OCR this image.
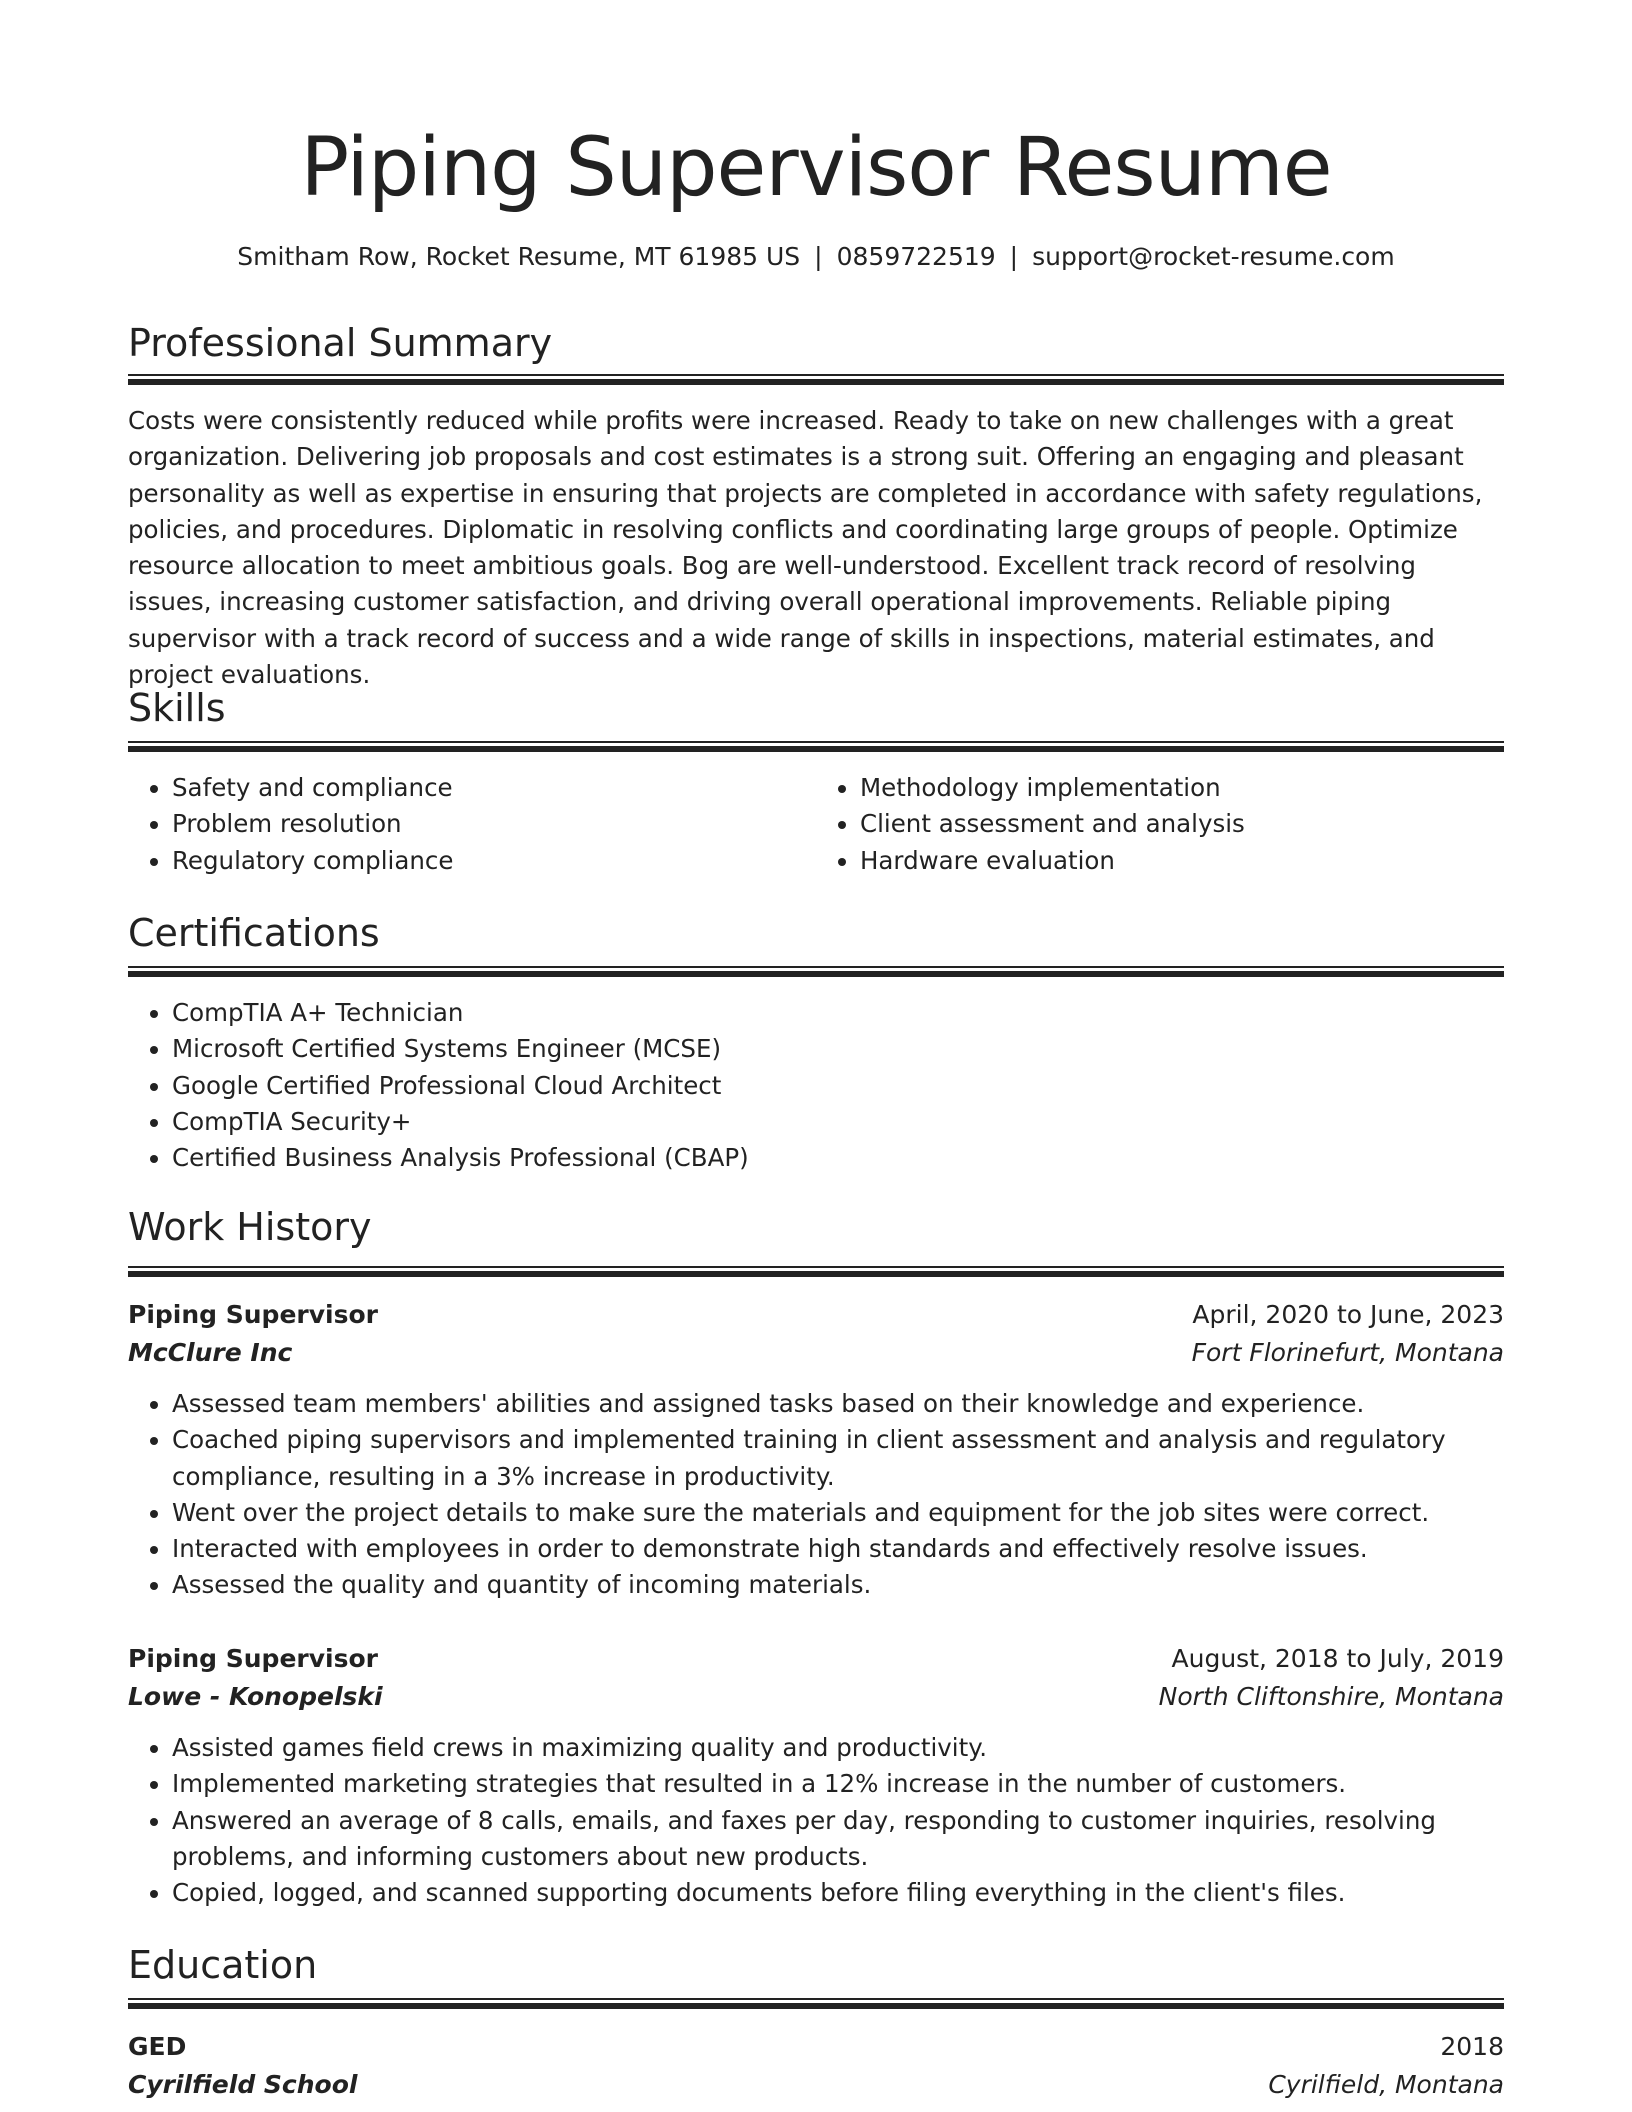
Piping Supervisor Resume
Smitham Row, Rocket Resume, MT 61985 US | 0859722519 | support@rocket-resume.com
Professional Summary

Costs were consistently reduced while profits were increased. Ready to take on new challenges with a great organization. Delivering job proposals and cost estimates is a strong suit. Offering an engaging and pleasant personality as well as expertise in ensuring that projects are completed in accordance with safety regulations, policies, and procedures. Diplomatic in resolving conflicts and coordinating large groups of people. Optimize resource allocation to meet ambitious goals. Bog are well-understood. Excellent track record of resolving issues, increasing customer satisfaction, and driving overall operational improvements. Reliable piping supervisor with a track record of success and a wide range of skills in inspections, material estimates, and project evaluations.

Skills
• Safety and compliance
• Problem resolution
• Regulatory compliance
• Methodology implementation
• Client assessment and analysis
• Hardware evaluation
Certifications
• CompTIA A+ Technician
• Microsoft Certified Systems Engineer (MCSE)
• Google Certified Professional Cloud Architect
• CompTIA Security+
• Certified Business Analysis Professional (CBAP)
Work History
Piping Supervisor	April, 2020 to June, 2023
McClure Inc	Fort Florinefurt, Montana
• Assessed team members' abilities and assigned tasks based on their knowledge and experience.
• Coached piping supervisors and implemented training in client assessment and analysis and regulatory compliance, resulting in a 3% increase in productivity.
• Went over the project details to make sure the materials and equipment for the job sites were correct.
• Interacted with employees in order to demonstrate high standards and effectively resolve issues.
• Assessed the quality and quantity of incoming materials.
Piping Supervisor	August, 2018 to July, 2019
Lowe - Konopelski	North Cliftonshire, Montana
• Assisted games field crews in maximizing quality and productivity.
• Implemented marketing strategies that resulted in a 12% increase in the number of customers.
• Answered an average of 8 calls, emails, and faxes per day, responding to customer inquiries, resolving problems, and informing customers about new products.
• Copied, logged, and scanned supporting documents before filing everything in the client's files.
Education
GED	2018
Cyrilfield School	Cyrilfield, Montana
